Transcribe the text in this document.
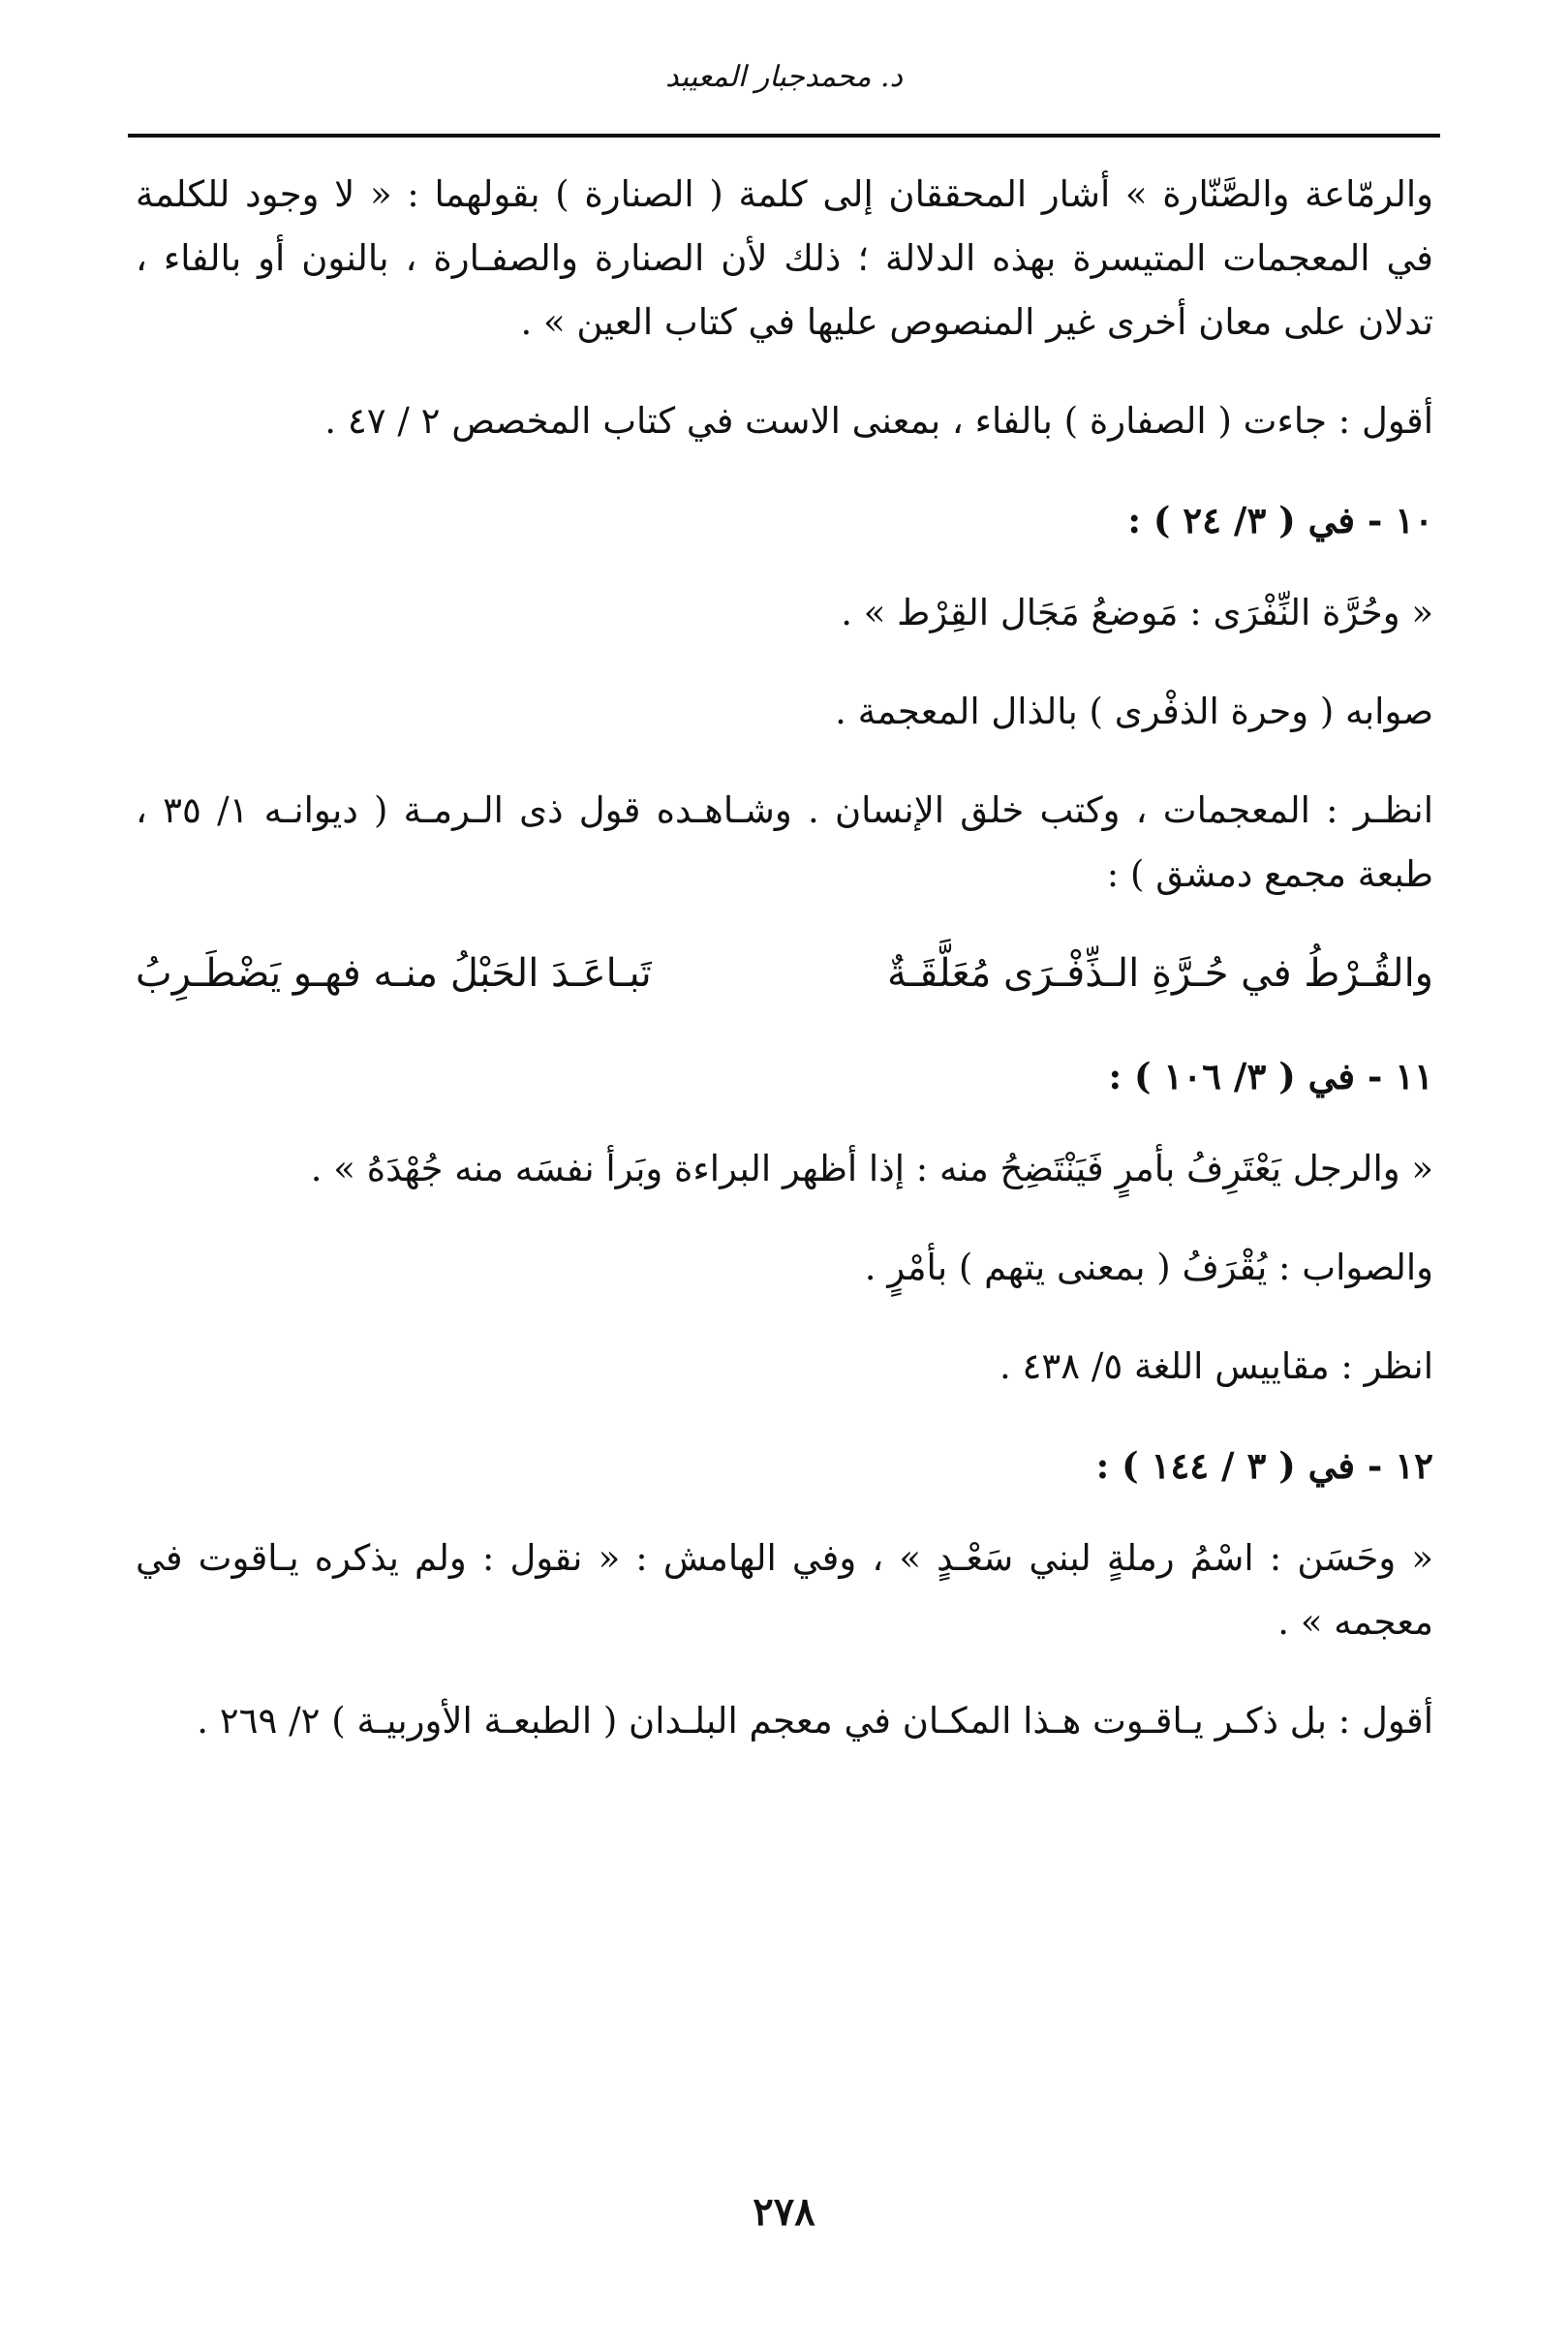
د. محمدجبار المعيبد

والرمّاعة والصَّنّارة » أشار المحققان إلى كلمة ( الصنارة ) بقولهما : « لا وجود للكلمة في المعجمات المتيسرة بهذه الدلالة ؛ ذلك لأن الصنارة والصفـارة ، بالنون أو بالفاء ، تدلان على معان أخرى غير المنصوص عليها في كتاب العين » .

أقول : جاءت ( الصفارة ) بالفاء ، بمعنى الاست في كتاب المخصص ٢ / ٤٧ .

١٠ - في ( ٣/ ٢٤ ) :

« وحُرَّة النِّفْرَى : مَوضعُ مَجَال القِرْط » .

صوابه ( وحرة الذفْرى ) بالذال المعجمة .

انظـر : المعجمات ، وكتب خلق الإنسان . وشـاهـده قول ذى الـرمـة ( ديوانـه ١/ ٣٥ ، طبعة مجمع دمشق ) :

والقُـرْطُ في حُـرَّةِ الـذِّفْـرَى مُعَلَّقَـةٌ
تَبـاعَـدَ الحَبْلُ منـه فهـو يَضْطَـرِبُ

١١ - في ( ٣/ ١٠٦ ) :

« والرجل يَعْتَرِفُ بأمرٍ فَيَنْتَضِحُ منه : إذا أظهر البراءة وبَرأ نفسَه منه جُهْدَهُ » .

والصواب : يُقْرَفُ ( بمعنى يتهم ) بأمْرٍ .

انظر : مقاييس اللغة ٥/ ٤٣٨ .

١٢ - في ( ٣ / ١٤٤ ) :

« وحَسَن : اسْمُ رملةٍ لبني سَعْـدٍ » ، وفي الهامش : « نقول : ولم يذكره يـاقوت في معجمه » .

أقول : بل ذكـر يـاقـوت هـذا المكـان في معجم البلـدان ( الطبعـة الأوربيـة ) ٢/ ٢٦٩ .

٢٧٨
